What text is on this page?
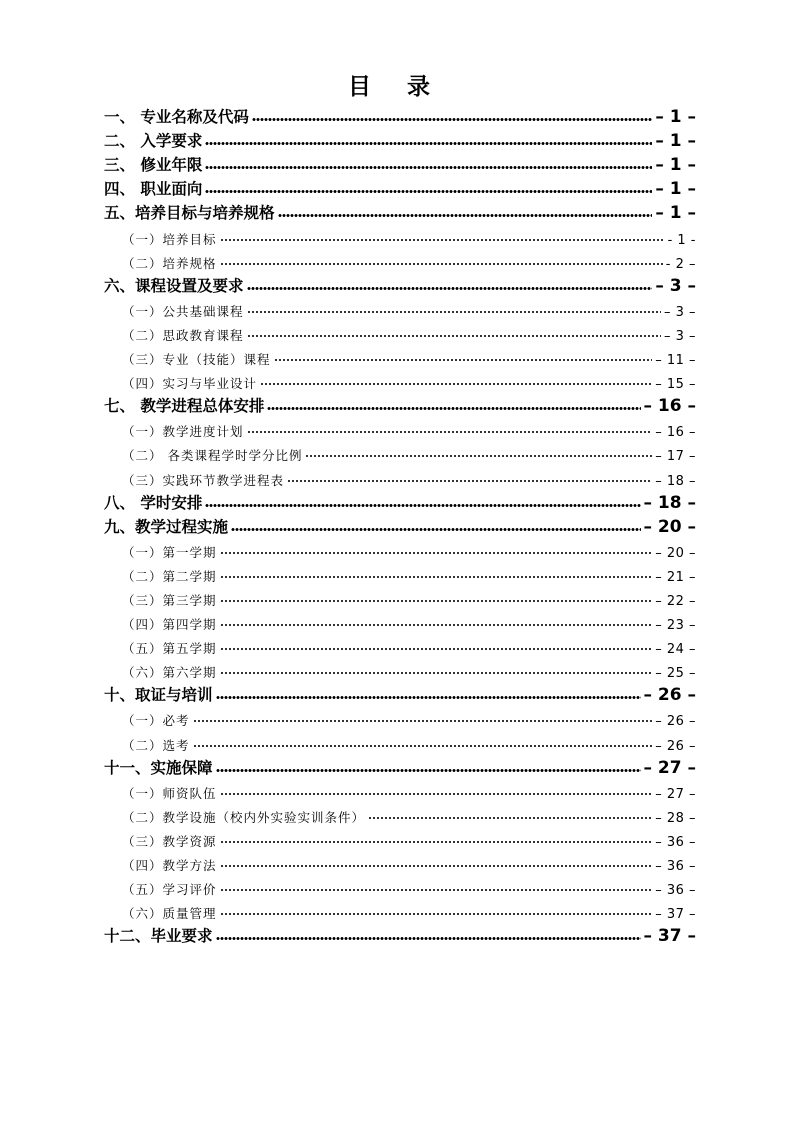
目 录
一、 专业名称及代码	– 1 –
二、 入学要求	– 1 –
三、 修业年限	– 1 –
四、 职业面向	– 1 –
五、培养目标与培养规格	– 1 –
（一）培养目标	- 1 -
（二）培养规格	- 2 –
六、课程设置及要求	– 3 –
（一）公共基础课程	– 3 –
（二）思政教育课程	– 3 –
（三）专业（技能）课程	– 11 –
（四）实习与毕业设计	– 15 –
七、 教学进程总体安排	– 16 –
（一）教学进度计划	– 16 –
（二） 各类课程学时学分比例	– 17 –
（三）实践环节教学进程表	– 18 –
八、 学时安排	– 18 –
九、教学过程实施	– 20 –
（一）第一学期	– 20 –
（二）第二学期	– 21 –
（三）第三学期	– 22 –
（四）第四学期	– 23 –
（五）第五学期	– 24 –
（六）第六学期	– 25 –
十、取证与培训	– 26 –
（一）必考	– 26 –
（二）选考	– 26 –
十一、实施保障	– 27 –
（一）师资队伍	– 27 –
（二）教学设施（校内外实验实训条件）	– 28 –
（三）教学资源	– 36 –
（四）教学方法	– 36 –
（五）学习评价	– 36 –
（六）质量管理	– 37 –
十二、毕业要求	– 37 –
